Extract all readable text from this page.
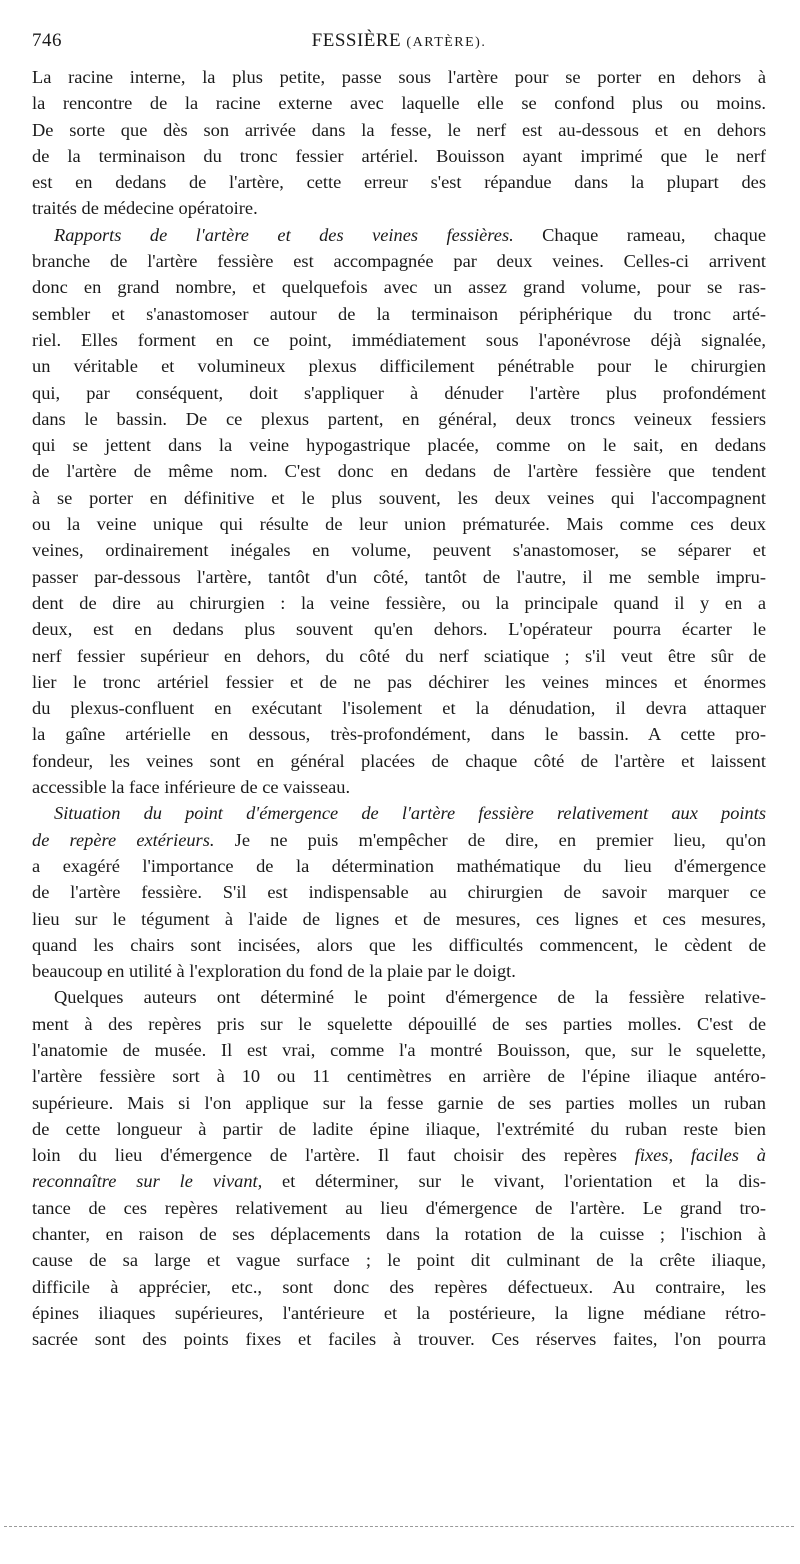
746	FESSIÈRE (ARTÈRE).
La racine interne, la plus petite, passe sous l'artère pour se porter en dehors à
la rencontre de la racine externe avec laquelle elle se confond plus ou moins.
De sorte que dès son arrivée dans la fesse, le nerf est au-dessous et en dehors
de la terminaison du tronc fessier artériel. Bouisson ayant imprimé que le nerf
est en dedans de l'artère, cette erreur s'est répandue dans la plupart des
traités de médecine opératoire.
Rapports de l'artère et des veines fessières. Chaque rameau, chaque
branche de l'artère fessière est accompagnée par deux veines. Celles-ci arrivent
donc en grand nombre, et quelquefois avec un assez grand volume, pour se ras-
sembler et s'anastomoser autour de la terminaison périphérique du tronc arté-
riel. Elles forment en ce point, immédiatement sous l'aponévrose déjà signalée,
un véritable et volumineux plexus difficilement pénétrable pour le chirurgien
qui, par conséquent, doit s'appliquer à dénuder l'artère plus profondément
dans le bassin. De ce plexus partent, en général, deux troncs veineux fessiers
qui se jettent dans la veine hypogastrique placée, comme on le sait, en dedans
de l'artère de même nom. C'est donc en dedans de l'artère fessière que tendent
à se porter en définitive et le plus souvent, les deux veines qui l'accompagnent
ou la veine unique qui résulte de leur union prématurée. Mais comme ces deux
veines, ordinairement inégales en volume, peuvent s'anastomoser, se séparer et
passer par-dessous l'artère, tantôt d'un côté, tantôt de l'autre, il me semble impru-
dent de dire au chirurgien : la veine fessière, ou la principale quand il y en a
deux, est en dedans plus souvent qu'en dehors. L'opérateur pourra écarter le
nerf fessier supérieur en dehors, du côté du nerf sciatique ; s'il veut être sûr de
lier le tronc artériel fessier et de ne pas déchirer les veines minces et énormes
du plexus-confluent en exécutant l'isolement et la dénudation, il devra attaquer
la gaîne artérielle en dessous, très-profondément, dans le bassin. A cette pro-
fondeur, les veines sont en général placées de chaque côté de l'artère et laissent
accessible la face inférieure de ce vaisseau.
Situation du point d'émergence de l'artère fessière relativement aux points
de repère extérieurs. Je ne puis m'empêcher de dire, en premier lieu, qu'on
a exagéré l'importance de la détermination mathématique du lieu d'émergence
de l'artère fessière. S'il est indispensable au chirurgien de savoir marquer ce
lieu sur le tégument à l'aide de lignes et de mesures, ces lignes et ces mesures,
quand les chairs sont incisées, alors que les difficultés commencent, le cèdent de
beaucoup en utilité à l'exploration du fond de la plaie par le doigt.
Quelques auteurs ont déterminé le point d'émergence de la fessière relative-
ment à des repères pris sur le squelette dépouillé de ses parties molles. C'est de
l'anatomie de musée. Il est vrai, comme l'a montré Bouisson, que, sur le squelette,
l'artère fessière sort à 10 ou 11 centimètres en arrière de l'épine iliaque antéro-
supérieure. Mais si l'on applique sur la fesse garnie de ses parties molles un ruban
de cette longueur à partir de ladite épine iliaque, l'extrémité du ruban reste bien
loin du lieu d'émergence de l'artère. Il faut choisir des repères fixes, faciles à
reconnaître sur le vivant, et déterminer, sur le vivant, l'orientation et la dis-
tance de ces repères relativement au lieu d'émergence de l'artère. Le grand tro-
chanter, en raison de ses déplacements dans la rotation de la cuisse ; l'ischion à
cause de sa large et vague surface ; le point dit culminant de la crête iliaque,
difficile à apprécier, etc., sont donc des repères défectueux. Au contraire, les
épines iliaques supérieures, l'antérieure et la postérieure, la ligne médiane rétro-
sacrée sont des points fixes et faciles à trouver. Ces réserves faites, l'on pourra
